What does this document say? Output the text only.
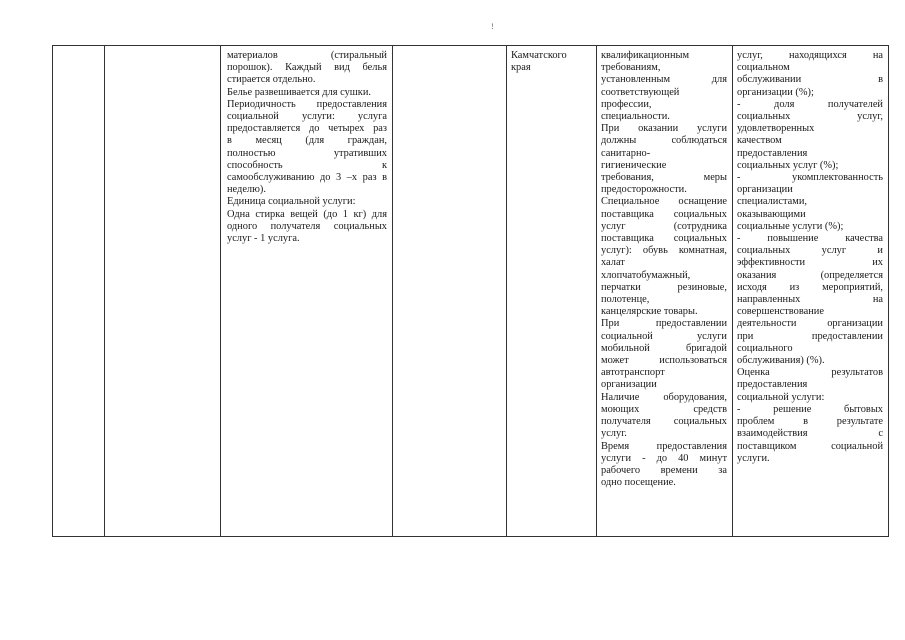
!

материалов (стиральный

порошок). Каждый вид белья

стирается отдельно.

Белье развешивается для сушки.

Периодичность предоставления

социальной услуги: услуга

предоставляется до четырех раз

в месяц (для граждан,

полностью утративших

способность к

самообслуживанию до 3 –х раз в

неделю).

Единица социальной услуги:

Одна стирка вещей (до 1 кг) для

одного получателя социальных

услуг - 1 услуга.

Камчатского

края

квалификационным

требованиям,

установленным для

соответствующей

профессии,

специальности.

При оказании услуги

должны соблюдаться

санитарно-

гигиенические

требования, меры

предосторожности.

Специальное оснащение

поставщика социальных

услуг (сотрудника

поставщика социальных

услуг): обувь комнатная,

халат

хлопчатобумажный,

перчатки резиновые,

полотенце,

канцелярские товары.

При предоставлении

социальной услуги

мобильной бригадой

может использоваться

автотранспорт

организации

Наличие оборудования,

моющих средств

получателя социальных

услуг.

Время предоставления

услуги - до 40 минут

рабочего времени за

одно посещение.

услуг, находящихся на

социальном

обслуживании в

организации (%);

- доля получателей

социальных услуг,

удовлетворенных

качеством

предоставления

социальных услуг (%);

- укомплектованность

организации

специалистами,

оказывающими

социальные услуги (%);

- повышение качества

социальных услуг и

эффективности их

оказания (определяется

исходя из мероприятий,

направленных на

совершенствование

деятельности организации

при предоставлении

социального

обслуживания) (%).

Оценка результатов

предоставления

социальной услуги:

- решение бытовых

проблем в результате

взаимодействия с

поставщиком социальной

услуги.
